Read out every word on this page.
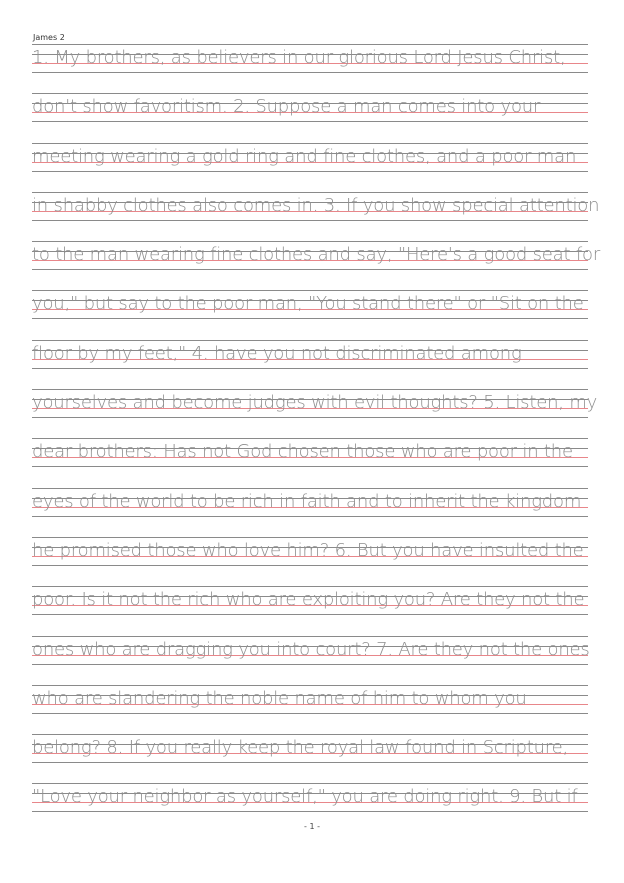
James 2
1. My brothers, as believers in our glorious Lord Jesus Christ,
don't show favoritism. 2. Suppose a man comes into your
meeting wearing a gold ring and fine clothes, and a poor man
in shabby clothes also comes in. 3. If you show special attention
to the man wearing fine clothes and say, "Here's a good seat for
you," but say to the poor man, "You stand there" or "Sit on the
floor by my feet," 4. have you not discriminated among
yourselves and become judges with evil thoughts? 5. Listen, my
dear brothers: Has not God chosen those who are poor in the
eyes of the world to be rich in faith and to inherit the kingdom
he promised those who love him? 6. But you have insulted the
poor. Is it not the rich who are exploiting you? Are they not the
ones who are dragging you into court? 7. Are they not the ones
who are slandering the noble name of him to whom you
belong? 8. If you really keep the royal law found in Scripture,
"Love your neighbor as yourself," you are doing right. 9. But if
- 1 -
